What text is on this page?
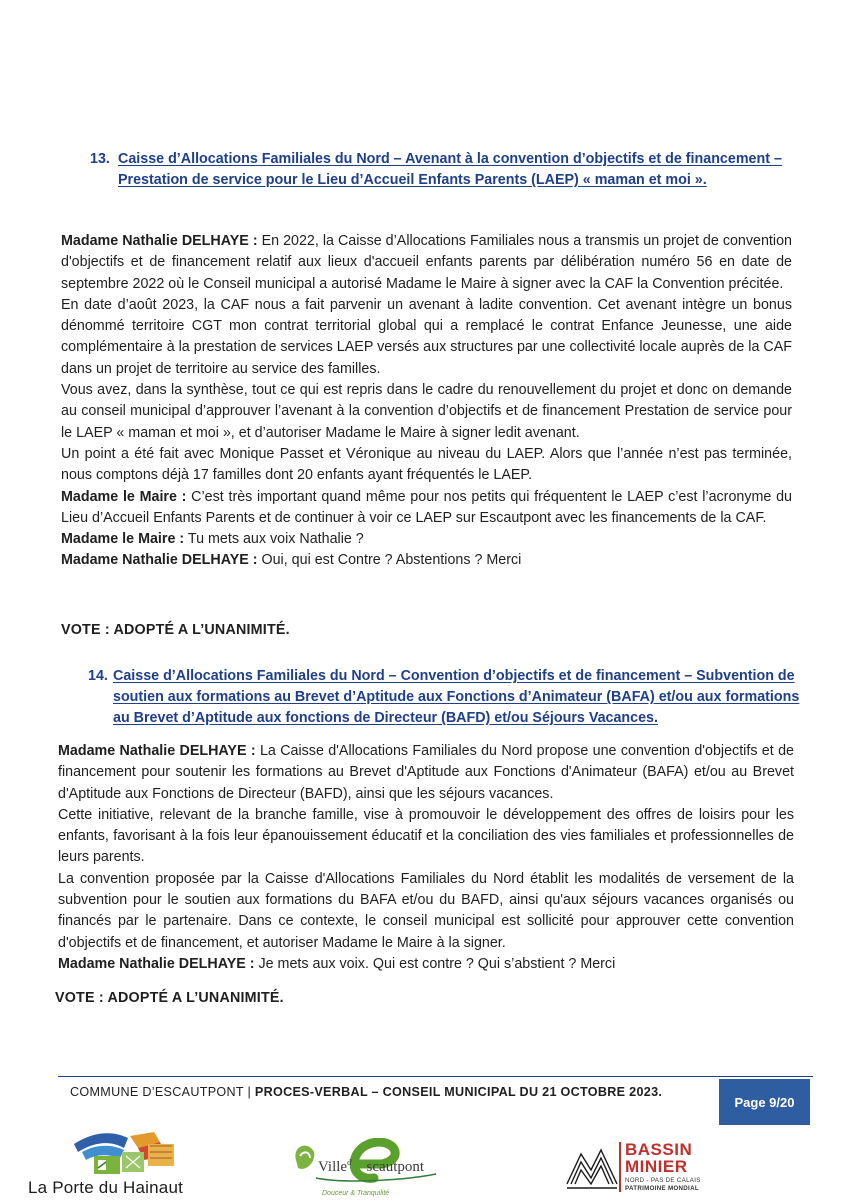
13. Caisse d’Allocations Familiales du Nord – Avenant à la convention d’objectifs et de financement – Prestation de service pour le Lieu d’Accueil Enfants Parents (LAEP) « maman et moi ».

Madame Nathalie DELHAYE : En 2022, la Caisse d’Allocations Familiales nous a transmis un projet de convention d'objectifs et de financement relatif aux lieux d'accueil enfants parents par délibération numéro 56 en date de septembre 2022 où le Conseil municipal a autorisé Madame le Maire à signer avec la CAF la Convention précitée.

En date d’août 2023, la CAF nous a fait parvenir un avenant à ladite convention. Cet avenant intègre un bonus dénommé territoire CGT mon contrat territorial global qui a remplacé le contrat Enfance Jeunesse, une aide complémentaire à la prestation de services LAEP versés aux structures par une collectivité locale auprès de la CAF dans un projet de territoire au service des familles.

Vous avez, dans la synthèse, tout ce qui est repris dans le cadre du renouvellement du projet et donc on demande au conseil municipal d’approuver l’avenant à la convention d’objectifs et de financement Prestation de service pour le LAEP « maman et moi », et d’autoriser Madame le Maire à signer ledit avenant.

Un point a été fait avec Monique Passet et Véronique au niveau du LAEP. Alors que l’année n’est pas terminée, nous comptons déjà 17 familles dont 20 enfants ayant fréquentés le LAEP.

Madame le Maire : C’est très important quand même pour nos petits qui fréquentent le LAEP c’est l’acronyme du Lieu d’Accueil Enfants Parents et de continuer à voir ce LAEP sur Escautpont avec les financements de la CAF.

Madame le Maire : Tu mets aux voix Nathalie ?

Madame Nathalie DELHAYE : Oui, qui est Contre ? Abstentions ? Merci

VOTE : ADOPTÉ A L’UNANIMITÉ.
14. Caisse d’Allocations Familiales du Nord – Convention d’objectifs et de financement – Subvention de soutien aux formations au Brevet d’Aptitude aux Fonctions d’Animateur (BAFA) et/ou aux formations au Brevet d’Aptitude aux fonctions de Directeur (BAFD) et/ou Séjours Vacances.

Madame Nathalie DELHAYE : La Caisse d'Allocations Familiales du Nord propose une convention d'objectifs et de financement pour soutenir les formations au Brevet d'Aptitude aux Fonctions d'Animateur (BAFA) et/ou au Brevet d'Aptitude aux Fonctions de Directeur (BAFD), ainsi que les séjours vacances.

Cette initiative, relevant de la branche famille, vise à promouvoir le développement des offres de loisirs pour les enfants, favorisant à la fois leur épanouissement éducatif et la conciliation des vies familiales et professionnelles de leurs parents.

La convention proposée par la Caisse d'Allocations Familiales du Nord établit les modalités de versement de la subvention pour le soutien aux formations du BAFA et/ou du BAFD, ainsi qu'aux séjours vacances organisés ou financés par le partenaire. Dans ce contexte, le conseil municipal est sollicité pour approuver cette convention d'objectifs et de financement, et autoriser Madame le Maire à la signer.

Madame Nathalie DELHAYE : Je mets aux voix. Qui est contre ? Qui s’abstient ? Merci

VOTE : ADOPTÉ A L’UNANIMITÉ.
COMMUNE D’ESCAUTPONT | PROCES-VERBAL – CONSEIL MUNICIPAL DU 21 OCTOBRE 2023.
Page 9/20
La Porte du Hainaut
Ville$^{d'}$ scautpont
Douceur & Tranquilité
BASSIN
MINIER
NORD - PAS DE CALAIS
PATRIMOINE MONDIAL
